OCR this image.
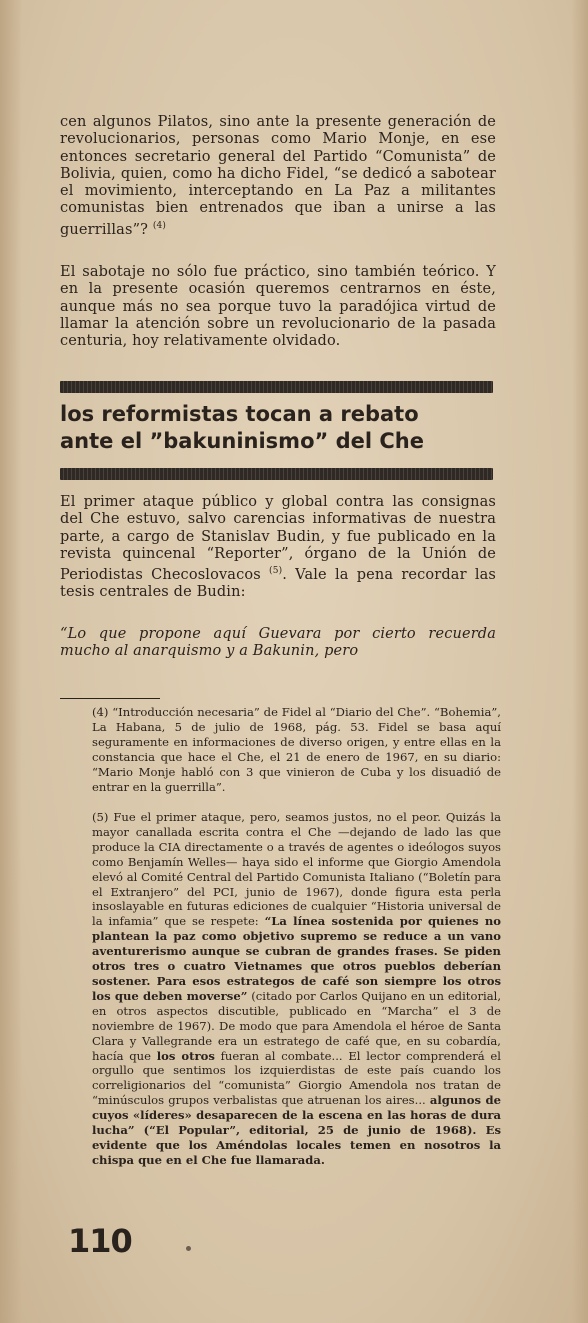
cen algunos Pilatos, sino ante la presente generación de revolucionarios, personas como Mario Monje, en ese entonces secretario general del Partido “Comunista” de Bolivia, quien, como ha dicho Fidel, “se dedicó a sabotear el movimiento, interceptando en La Paz a militantes comunistas bien entrenados que iban a unirse a las guerrillas”? $^{(4)}$

El sabotaje no sólo fue práctico, sino también teórico. Y en la presente ocasión queremos centrarnos en éste, aunque más no sea porque tuvo la paradójica virtud de llamar la atención sobre un revolucionario de la pasada centuria, hoy relativamente olvidado.

los reformistas tocan a rebato
ante el ”bakuninismo” del Che

El primer ataque público y global contra las consignas del Che estuvo, salvo carencias informativas de nuestra parte, a cargo de Stanislav Budin, y fue publicado en la revista quincenal “Reporter”, órgano de la Unión de Periodistas Checoslovacos $^{(5)}$. Vale la pena recordar las tesis centrales de Budin:

“Lo que propone aquí Guevara por cierto recuerda mucho al anarquismo y a Bakunin, pero

(4) “Introducción necesaria” de Fidel al “Diario del Che”. “Bohemia”, La Habana, 5 de julio de 1968, pág. 53. Fidel se basa aquí seguramente en informaciones de diverso origen, y entre ellas en la constancia que hace el Che, el 21 de enero de 1967, en su diario: “Mario Monje habló con 3 que vinieron de Cuba y los disuadió de entrar en la guerrilla”.

(5) Fue el primer ataque, pero, seamos justos, no el peor. Quizás la mayor canallada escrita contra el Che —dejando de lado las que produce la CIA directamente o a través de agentes o ideólogos suyos como Benjamín Welles— haya sido el informe que Giorgio Amendola elevó al Comité Central del Partido Comunista Italiano (“Boletín para el Extranjero” del PCI, junio de 1967), donde figura esta perla insoslayable en futuras ediciones de cualquier “Historia universal de la infamia” que se respete: “La línea sostenida por quienes no plantean la paz como objetivo supremo se reduce a un vano aventurerismo aunque se cubran de grandes frases. Se piden otros tres o cuatro Vietnames que otros pueblos deberían sostener. Para esos estrategos de café son siempre los otros los que deben moverse” (citado por Carlos Quijano en un editorial, en otros aspectos discutible, publicado en “Marcha” el 3 de noviembre de 1967). De modo que para Amendola el héroe de Santa Clara y Vallegrande era un estratego de café que, en su cobardía, hacía que los otros fueran al combate... El lector comprenderá el orgullo que sentimos los izquierdistas de este país cuando los correligionarios del “comunista” Giorgio Amendola nos tratan de “minúsculos grupos verbalistas que atruenan los aires... algunos de cuyos «líderes» desaparecen de la escena en las horas de dura lucha” (“El Popular”, editorial, 25 de junio de 1968). Es evidente que los Améndolas locales temen en nosotros la chispa que en el Che fue llamarada.

110
